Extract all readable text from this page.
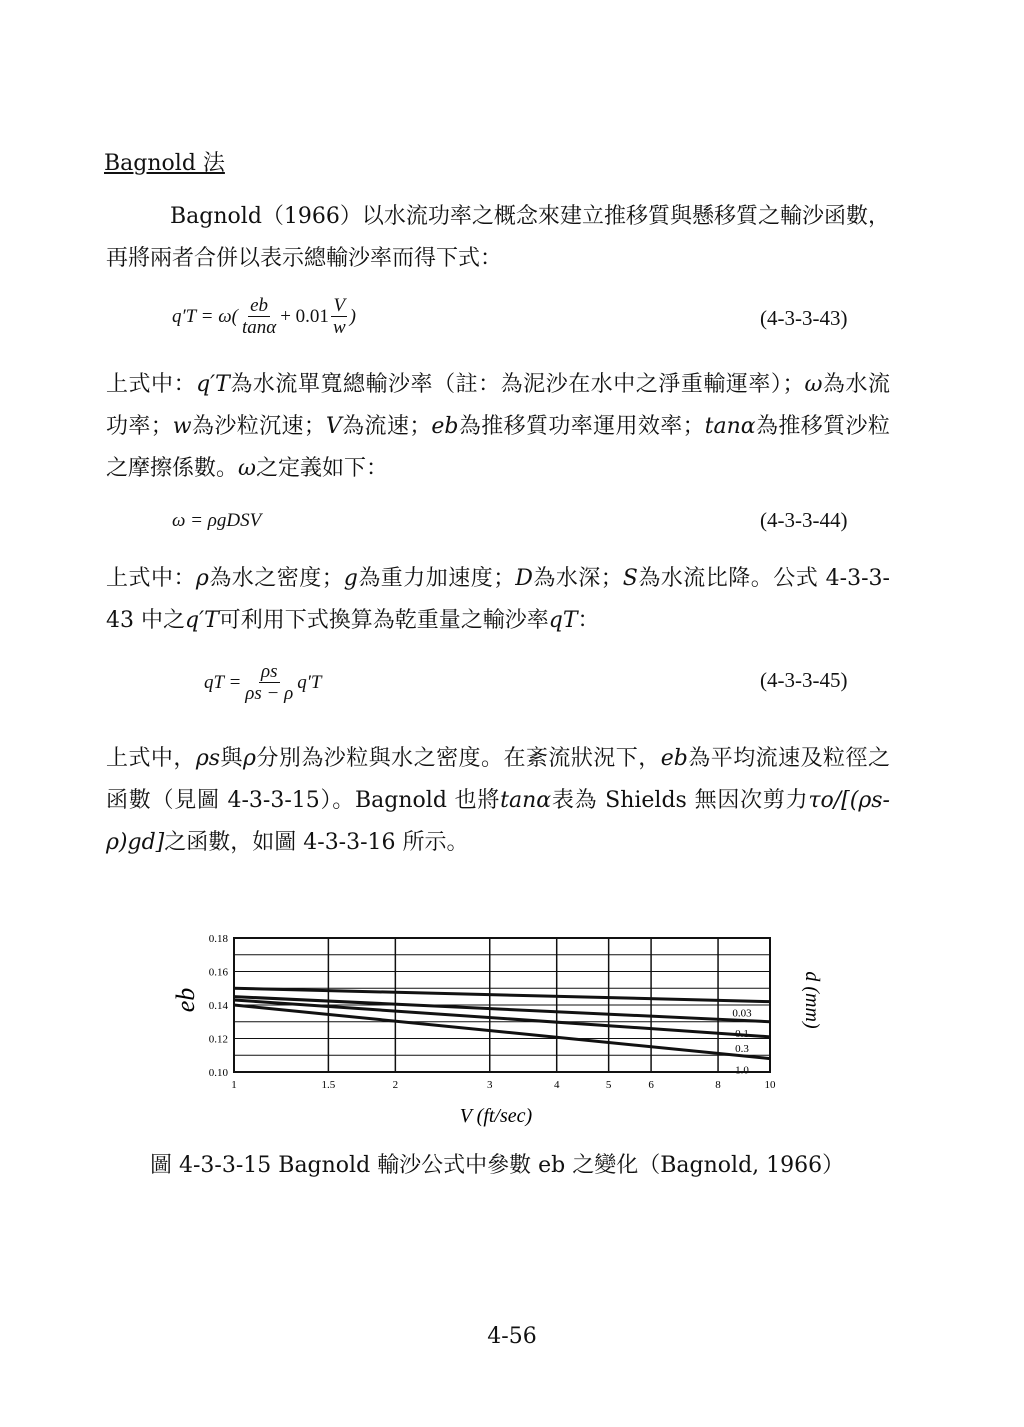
Bagnold 法
Bagnold（1966）以水流功率之概念來建立推移質與懸移質之輸沙函數，再將兩者合併以表示總輸沙率而得下式：
$q'T = \omega( \frac{eb}{\tan\alpha} + 0.01 \frac{V}{w}$ )	(4-3-3-43)
上式中：q′T為水流單寬總輸沙率（註：為泥沙在水中之淨重輸運率）；ω為水流功率；w為沙粒沉速；V為流速；eb為推移質功率運用效率；tanα為推移質沙粒之摩擦係數。ω之定義如下：
ω = ρgDSV	(4-3-3-44)
上式中：ρ為水之密度；g為重力加速度；D為水深；S為水流比降。公式 4-3-3-43 中之q′T可利用下式換算為乾重量之輸沙率qT：
qT = $\frac{\rho s}{\rho s - \rho} q'T$	(4-3-3-45)
上式中，ρs與ρ分別為沙粒與水之密度。在紊流狀況下，eb為平均流速及粒徑之函數（見圖 4-3-3-15）。Bagnold 也將tanα表為 Shields 無因次剪力τo/[(ρs-ρ)gd]之函數，如圖 4-3-3-16 所示。
0.03
0.1
0.3
1.0
1	1.5	2	3	4	5	6	8	10
0.10
0.12
0.14
0.16
0.18
eb
V (ft/sec)
d (mm)
圖 4-3-3-15 Bagnold 輸沙公式中參數 eb 之變化（Bagnold, 1966）
4-56
